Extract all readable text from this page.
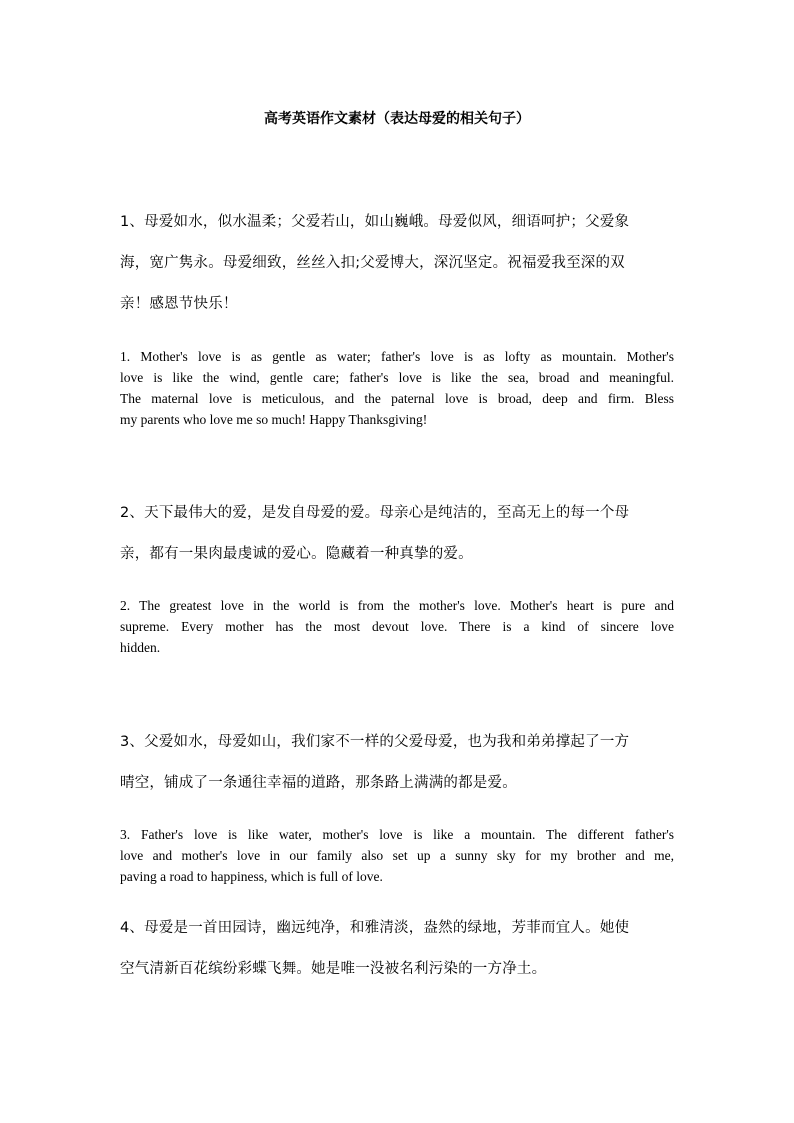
高考英语作文素材（表达母爱的相关句子）
1、母爱如水，似水温柔；父爱若山，如山巍峨。母爱似风，细语呵护；父爱象
海，宽广隽永。母爱细致，丝丝入扣;父爱博大，深沉坚定。祝福爱我至深的双
亲！感恩节快乐！
1. Mother's love is as gentle as water; father's love is as lofty as mountain. Mother's
love is like the wind, gentle care; father's love is like the sea, broad and meaningful.
The maternal love is meticulous, and the paternal love is broad, deep and firm. Bless
my parents who love me so much! Happy Thanksgiving!
2、天下最伟大的爱，是发自母爱的爱。母亲心是纯洁的，至高无上的每一个母
亲，都有一果肉最虔诚的爱心。隐藏着一种真挚的爱。
2. The greatest love in the world is from the mother's love. Mother's heart is pure and
supreme. Every mother has the most devout love. There is a kind of sincere love
hidden.
3、父爱如水，母爱如山，我们家不一样的父爱母爱，也为我和弟弟撑起了一方
晴空，铺成了一条通往幸福的道路，那条路上满满的都是爱。
3. Father's love is like water, mother's love is like a mountain. The different father's
love and mother's love in our family also set up a sunny sky for my brother and me,
paving a road to happiness, which is full of love.
4、母爱是一首田园诗，幽远纯净，和雅清淡，盎然的绿地，芳菲而宜人。她使
空气清新百花缤纷彩蝶飞舞。她是唯一没被名利污染的一方净土。
